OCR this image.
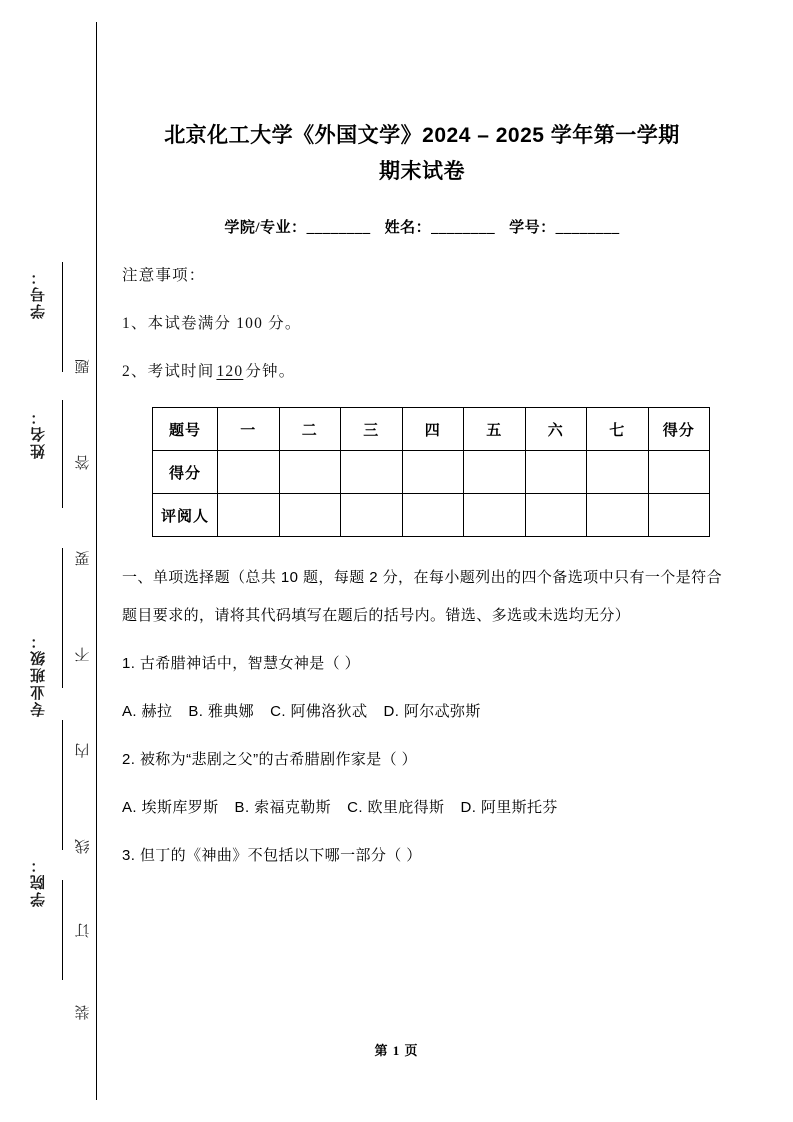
学号：
姓名：
专业班级：
学院：
题
答
要
不
内
线
订
装
北京化工大学《外国文学》2024 – 2025 学年第一学期
期末试卷
学院/专业：________ 姓名：________ 学号：________
注意事项：
1、本试卷满分 100 分。
2、考试时间 120 分钟。
题号	一	二	三	四	五	六	七	得分
得分								
评阅人								
一、单项选择题（总共 10 题，每题 2 分，在每小题列出的四个备选项中只有一个是符合题目要求的，请将其代码填写在题后的括号内。错选、多选或未选均无分）
1. 古希腊神话中，智慧女神是（ ）
A. 赫拉 B. 雅典娜 C. 阿佛洛狄忒 D. 阿尔忒弥斯
2. 被称为“悲剧之父”的古希腊剧作家是（ ）
A. 埃斯库罗斯 B. 索福克勒斯 C. 欧里庇得斯 D. 阿里斯托芬
3. 但丁的《神曲》不包括以下哪一部分（ ）
第 1 页
